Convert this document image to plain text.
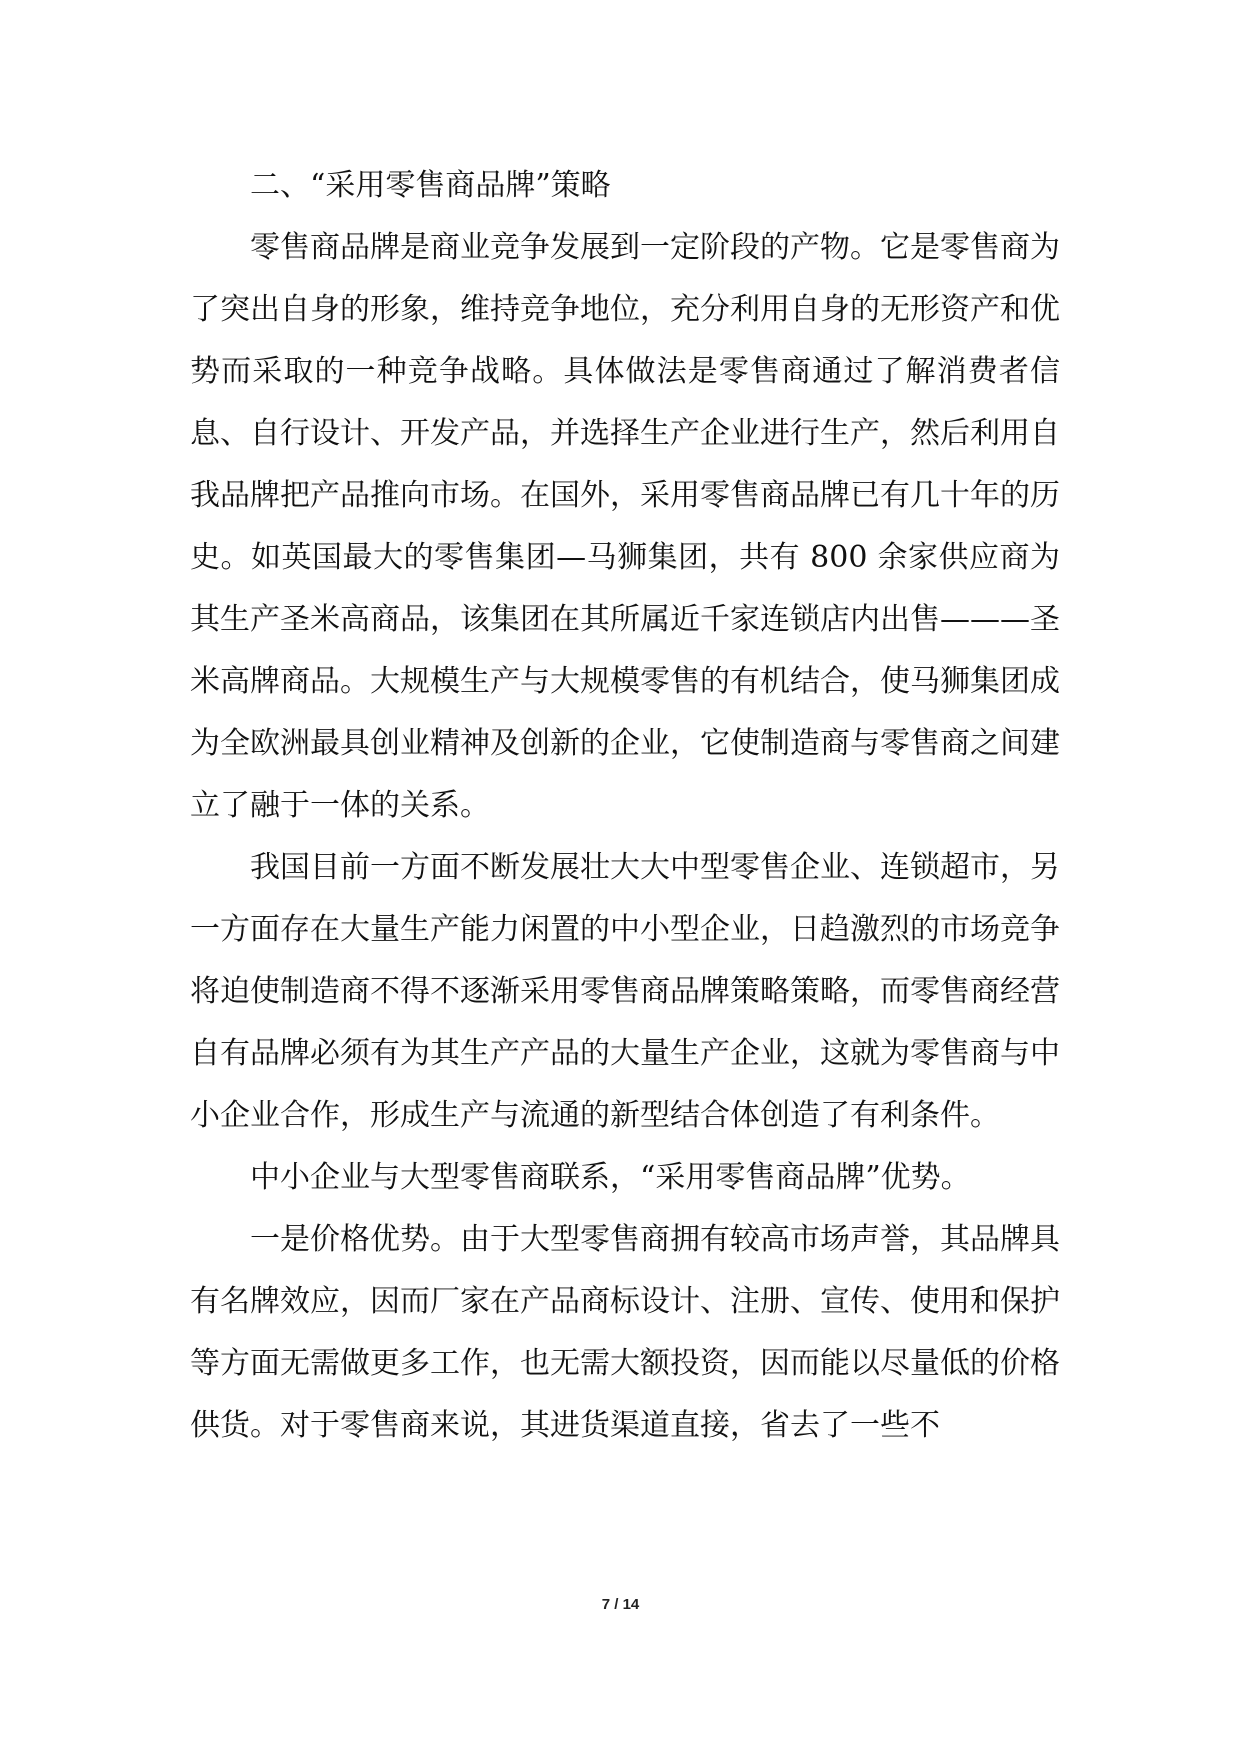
二、“采用零售商品牌”策略

零售商品牌是商业竞争发展到一定阶段的产物。它是零售商为了突出自身的形象，维持竞争地位，充分利用自身的无形资产和优势而采取的一种竞争战略。具体做法是零售商通过了解消费者信息、自行设计、开发产品，并选择生产企业进行生产，然后利用自我品牌把产品推向市场。在国外，采用零售商品牌已有几十年的历史。如英国最大的零售集团—马狮集团，共有 800 余家供应商为其生产圣米高商品，该集团在其所属近千家连锁店内出售———圣米高牌商品。大规模生产与大规模零售的有机结合，使马狮集团成为全欧洲最具创业精神及创新的企业，它使制造商与零售商之间建立了融于一体的关系。

我国目前一方面不断发展壮大大中型零售企业、连锁超市，另一方面存在大量生产能力闲置的中小型企业，日趋激烈的市场竞争将迫使制造商不得不逐渐采用零售商品牌策略策略，而零售商经营自有品牌必须有为其生产产品的大量生产企业，这就为零售商与中小企业合作，形成生产与流通的新型结合体创造了有利条件。

中小企业与大型零售商联系，“采用零售商品牌”优势。

一是价格优势。由于大型零售商拥有较高市场声誉，其品牌具有名牌效应，因而厂家在产品商标设计、注册、宣传、使用和保护等方面无需做更多工作，也无需大额投资，因而能以尽量低的价格供货。对于零售商来说，其进货渠道直接，省去了一些不

7 / 14
